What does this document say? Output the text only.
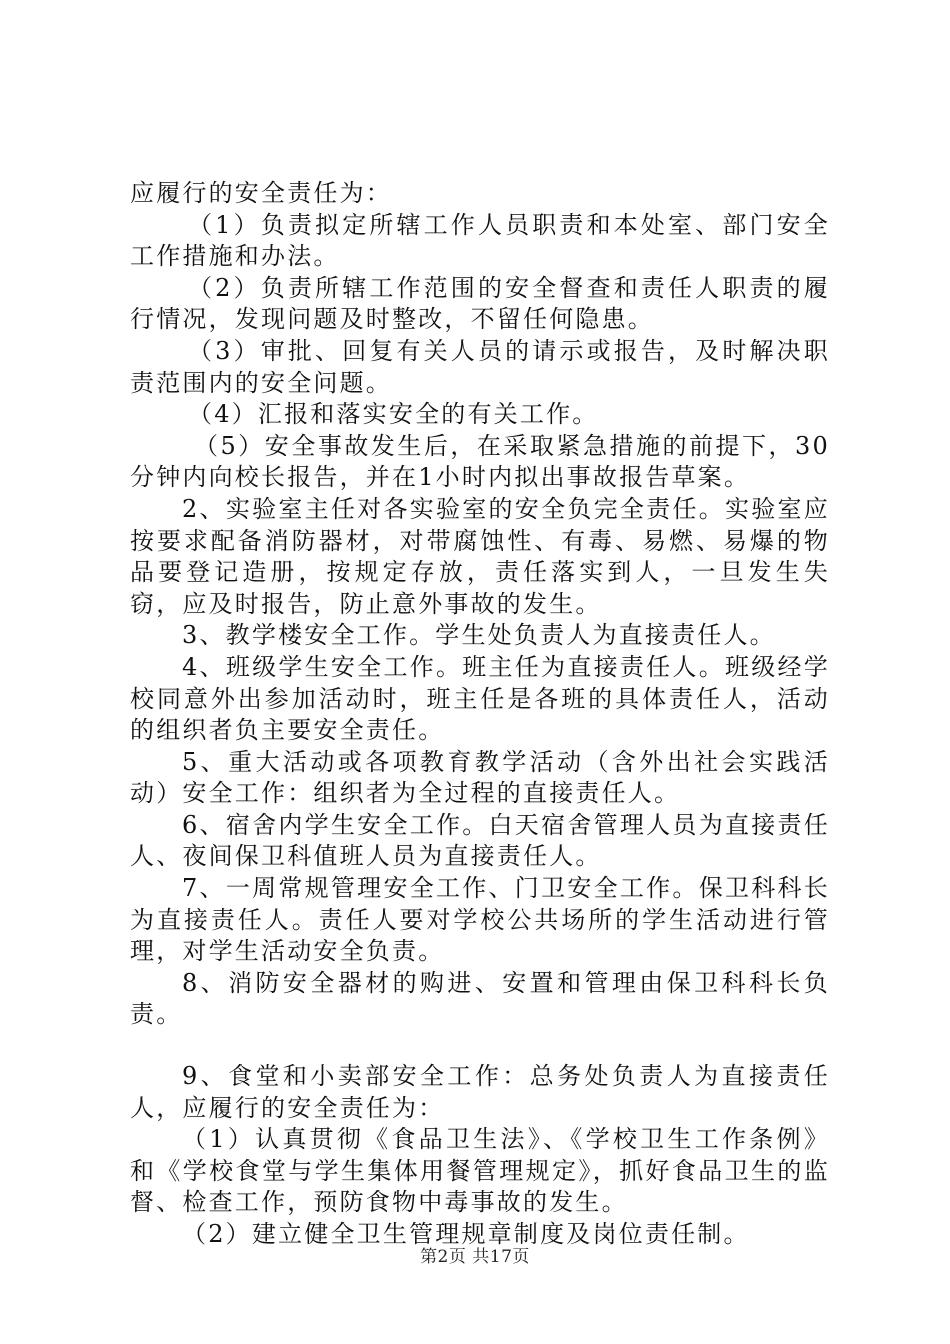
应履行的安全责任为：

（1）负责拟定所辖工作人员职责和本处室、部门安全工作措施和办法。

（2）负责所辖工作范围的安全督查和责任人职责的履行情况，发现问题及时整改，不留任何隐患。

（3）审批、回复有关人员的请示或报告，及时解决职责范围内的安全问题。

（4）汇报和落实安全的有关工作。

（5）安全事故发生后，在采取紧急措施的前提下，30分钟内向校长报告，并在1小时内拟出事故报告草案。

2、实验室主任对各实验室的安全负完全责任。实验室应按要求配备消防器材，对带腐蚀性、有毒、易燃、易爆的物品要登记造册，按规定存放，责任落实到人，一旦发生失窃，应及时报告，防止意外事故的发生。

3、教学楼安全工作。学生处负责人为直接责任人。

4、班级学生安全工作。班主任为直接责任人。班级经学校同意外出参加活动时，班主任是各班的具体责任人，活动的组织者负主要安全责任。

5、重大活动或各项教育教学活动（含外出社会实践活动）安全工作：组织者为全过程的直接责任人。

6、宿舍内学生安全工作。白天宿舍管理人员为直接责任人、夜间保卫科值班人员为直接责任人。

7、一周常规管理安全工作、门卫安全工作。保卫科科长为直接责任人。责任人要对学校公共场所的学生活动进行管理，对学生活动安全负责。

8、消防安全器材的购进、安置和管理由保卫科科长负责。

9、食堂和小卖部安全工作：总务处负责人为直接责任人，应履行的安全责任为：

（1）认真贯彻《食品卫生法》、《学校卫生工作条例》和《学校食堂与学生集体用餐管理规定》，抓好食品卫生的监督、检查工作，预防食物中毒事故的发生。

（2）建立健全卫生管理规章制度及岗位责任制。

第2页 共17页
